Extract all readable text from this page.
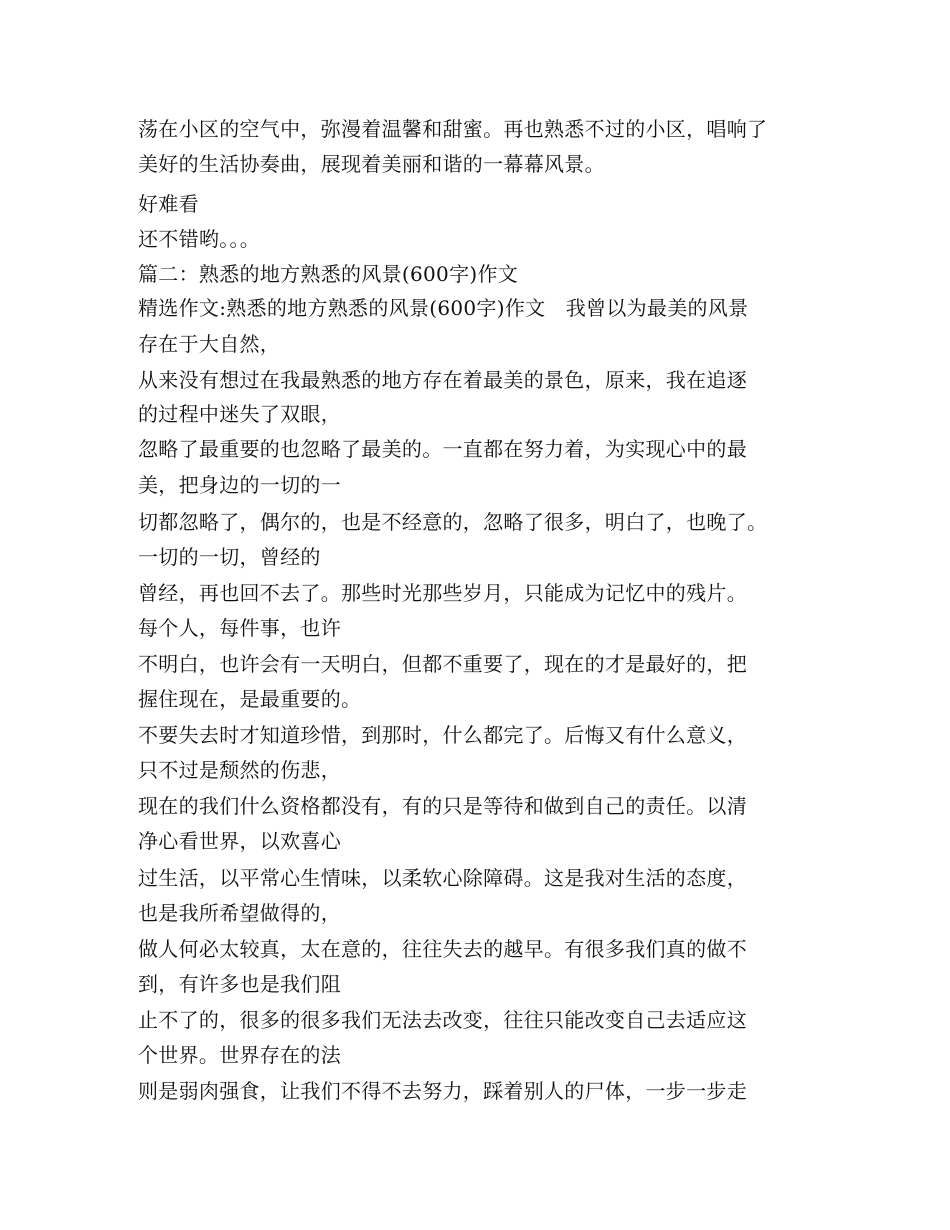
荡在小区的空气中，弥漫着温馨和甜蜜。再也熟悉不过的小区，唱响了
美好的生活协奏曲，展现着美丽和谐的一幕幕风景。
好难看
还不错哟。。。
篇二：熟悉的地方熟悉的风景(600字)作文
精选作文:熟悉的地方熟悉的风景(600字)作文　我曾以为最美的风景
存在于大自然，
从来没有想过在我最熟悉的地方存在着最美的景色，原来，我在追逐
的过程中迷失了双眼，
忽略了最重要的也忽略了最美的。一直都在努力着，为实现心中的最
美，把身边的一切的一
切都忽略了，偶尔的，也是不经意的，忽略了很多，明白了，也晚了。
一切的一切，曾经的
曾经，再也回不去了。那些时光那些岁月，只能成为记忆中的残片。
每个人，每件事，也许
不明白，也许会有一天明白，但都不重要了，现在的才是最好的，把
握住现在，是最重要的。
不要失去时才知道珍惜，到那时，什么都完了。后悔又有什么意义，
只不过是颓然的伤悲，
现在的我们什么资格都没有，有的只是等待和做到自己的责任。以清
净心看世界，以欢喜心
过生活，以平常心生情味，以柔软心除障碍。这是我对生活的态度，
也是我所希望做得的，
做人何必太较真，太在意的，往往失去的越早。有很多我们真的做不
到，有许多也是我们阻
止不了的，很多的很多我们无法去改变，往往只能改变自己去适应这
个世界。世界存在的法
则是弱肉强食，让我们不得不去努力，踩着别人的尸体，一步一步走
